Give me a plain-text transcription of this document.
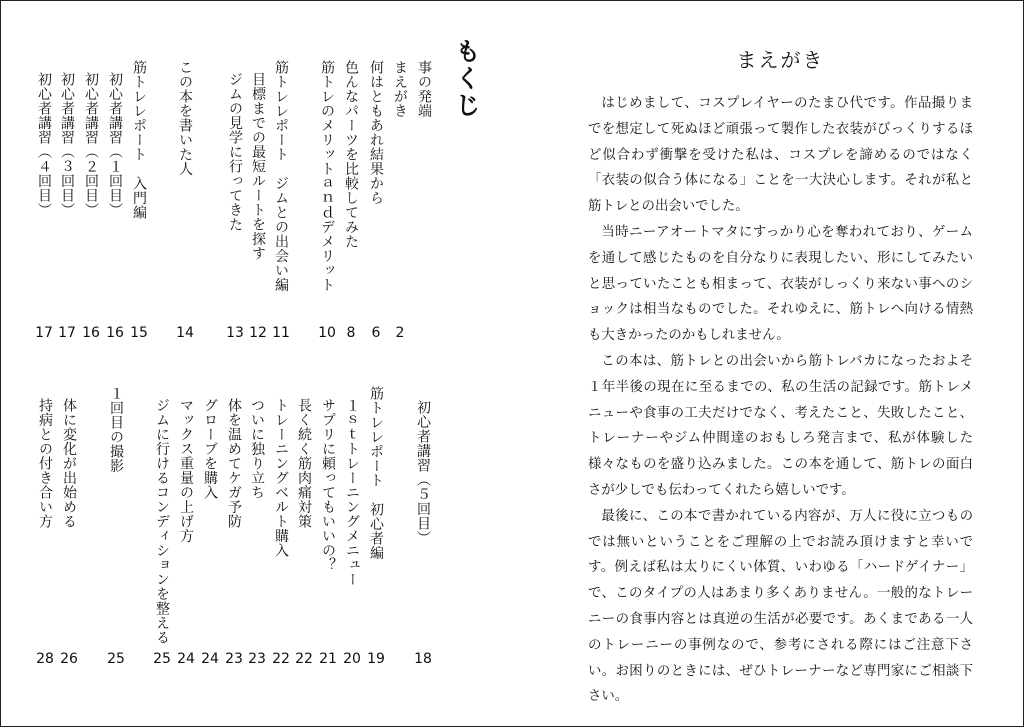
もくじ
事の発端
まえがき
何はともあれ結果から
色んなパーツを比較してみた
筋トレのメリットａｎｄデメリット
筋トレレポート　ジムとの出会い編
目標までの最短ルートを探す
ジムの見学に行ってきた
この本を書いた人
筋トレレポート　入門編
初心者講習（１回目）
初心者講習（２回目）
初心者講習（３回目）
初心者講習（４回目）
2
6
8
10
11
12
13
14
15
16
16
17
17
初心者講習（５回目）
筋トレレポート　初心者編
１ｓｔトレーニングメニュー
サプリに頼ってもいいの？
長く続く筋肉痛対策
トレーニングベルト購入
ついに独り立ち
体を温めてケガ予防
グローブを購入
マックス重量の上げ方
ジムに行けるコンディションを整える
１回目の撮影
体に変化が出始める
持病との付き合い方
18
19
20
21
22
22
23
23
24
24
25
25
26
28
まえがき

はじめまして、コスプレイヤーのたまひ代です。作品撮りまでを想定して死ぬほど頑張って製作した衣装がびっくりするほど似合わず衝撃を受けた私は、コスプレを諦めるのではなく「衣装の似合う体になる」ことを一大決心します。それが私と筋トレとの出会いでした。

当時ニーアオートマタにすっかり心を奪われており、ゲームを通して感じたものを自分なりに表現したい、形にしてみたいと思っていたことも相まって、衣装がしっくり来ない事へのショックは相当なものでした。それゆえに、筋トレへ向ける情熱も大きかったのかもしれません。

この本は、筋トレとの出会いから筋トレバカになったおよそ１年半後の現在に至るまでの、私の生活の記録です。筋トレメニューや食事の工夫だけでなく、考えたこと、失敗したこと、トレーナーやジム仲間達のおもしろ発言まで、私が体験した様々なものを盛り込みました。この本を通して、筋トレの面白さが少しでも伝わってくれたら嬉しいです。

最後に、この本で書かれている内容が、万人に役に立つものでは無いということをご理解の上でお読み頂けますと幸いです。例えば私は太りにくい体質、いわゆる「ハードゲイナー」で、このタイプの人はあまり多くありません。一般的なトレーニーの食事内容とは真逆の生活が必要です。あくまである一人のトレーニーの事例なので、参考にされる際にはご注意下さい。お困りのときには、ぜひトレーナーなど専門家にご相談下さい。
